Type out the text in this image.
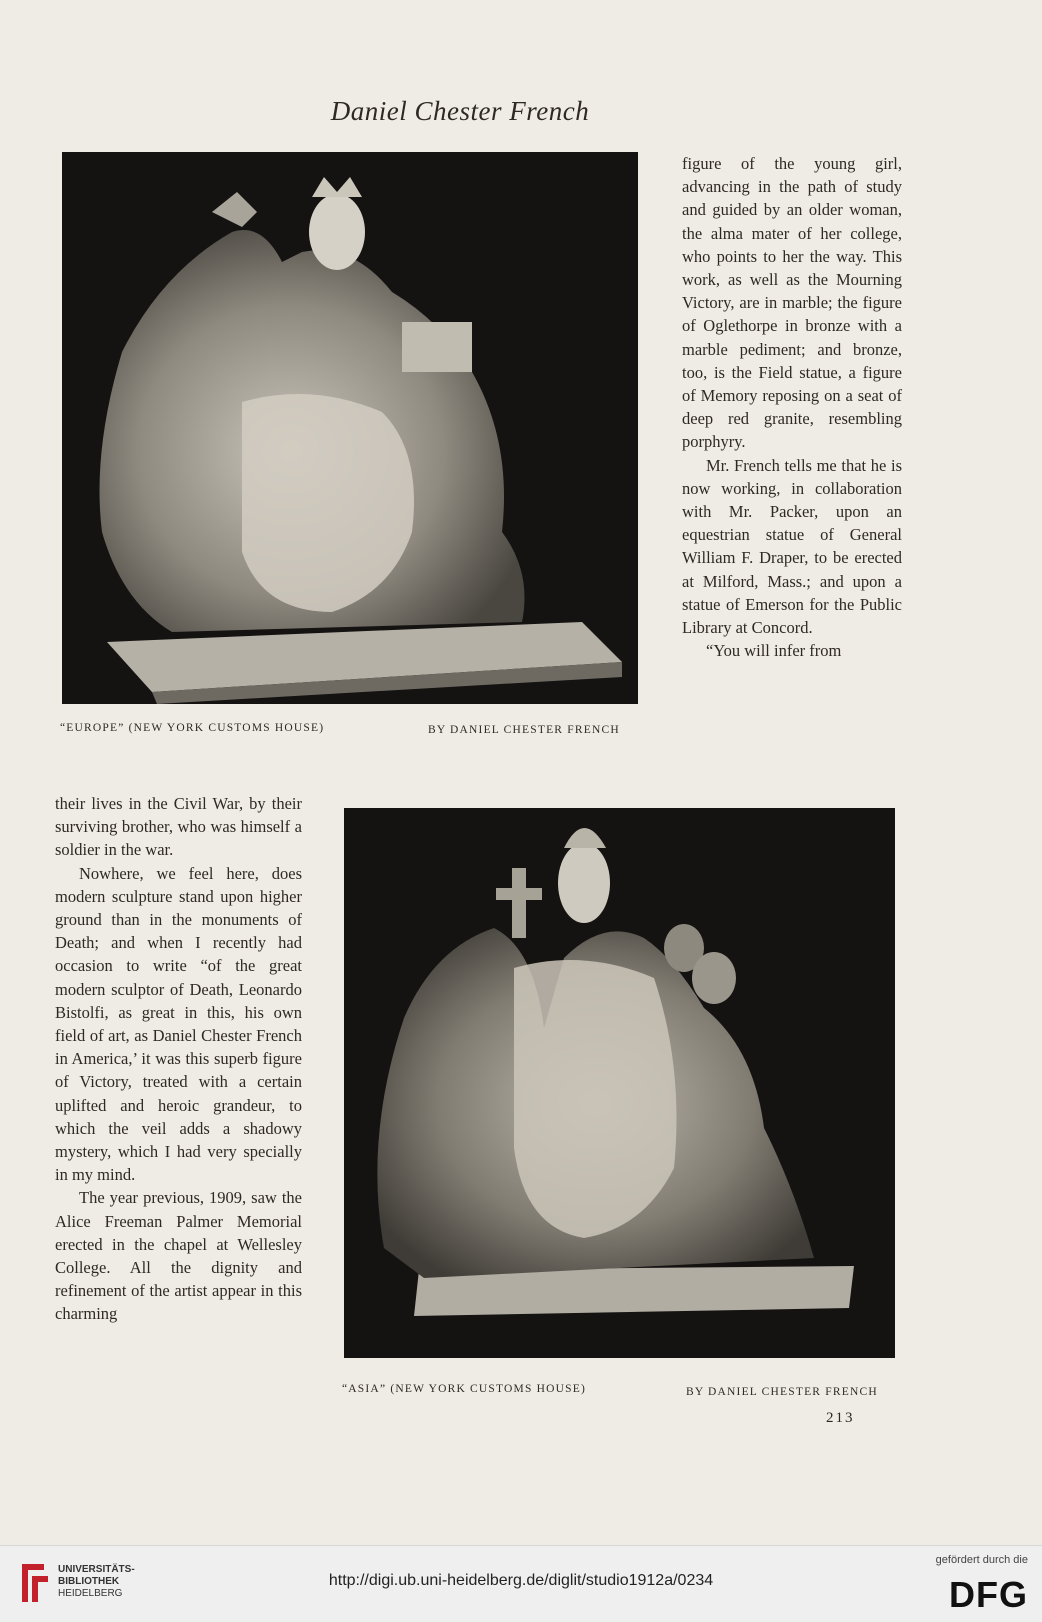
Daniel Chester French
“EUROPE” (NEW YORK CUSTOMS HOUSE)	BY DANIEL CHESTER FRENCH

figure of the young girl, advancing in the path of study and guided by an older woman, the alma mater of her college, who points to her the way. This work, as well as the Mourning Victory, are in marble; the figure of Oglethorpe in bronze with a marble pediment; and bronze, too, is the Field statue, a figure of Memory reposing on a seat of deep red granite, resembling porphyry.

Mr. French tells me that he is now working, in collaboration with Mr. Packer, upon an equestrian statue of General William F. Draper, to be erected at Milford, Mass.; and upon a statue of Emerson for the Public Library at Concord.

“You will infer from

their lives in the Civil War, by their surviving brother, who was himself a soldier in the war.

Nowhere, we feel here, does modern sculpture stand upon higher ground than in the monuments of Death; and when I recently had occasion to write “of the great modern sculptor of Death, Leonardo Bistolfi, as great in this, his own field of art, as Daniel Chester French in America,’ it was this superb figure of Victory, treated with a certain uplifted and heroic grandeur, to which the veil adds a shadowy mystery, which I had very specially in my mind.

The year previous, 1909, saw the Alice Freeman Palmer Memorial erected in the chapel at Wellesley College. All the dignity and refinement of the artist appear in this charming

“ASIA” (NEW YORK CUSTOMS HOUSE)	BY DANIEL CHESTER FRENCH
213
UNIVERSITÄTS-
BIBLIOTHEK
HEIDELBERG
http://digi.ub.uni-heidelberg.de/diglit/studio1912a/0234
gefördert durch die
DFG
